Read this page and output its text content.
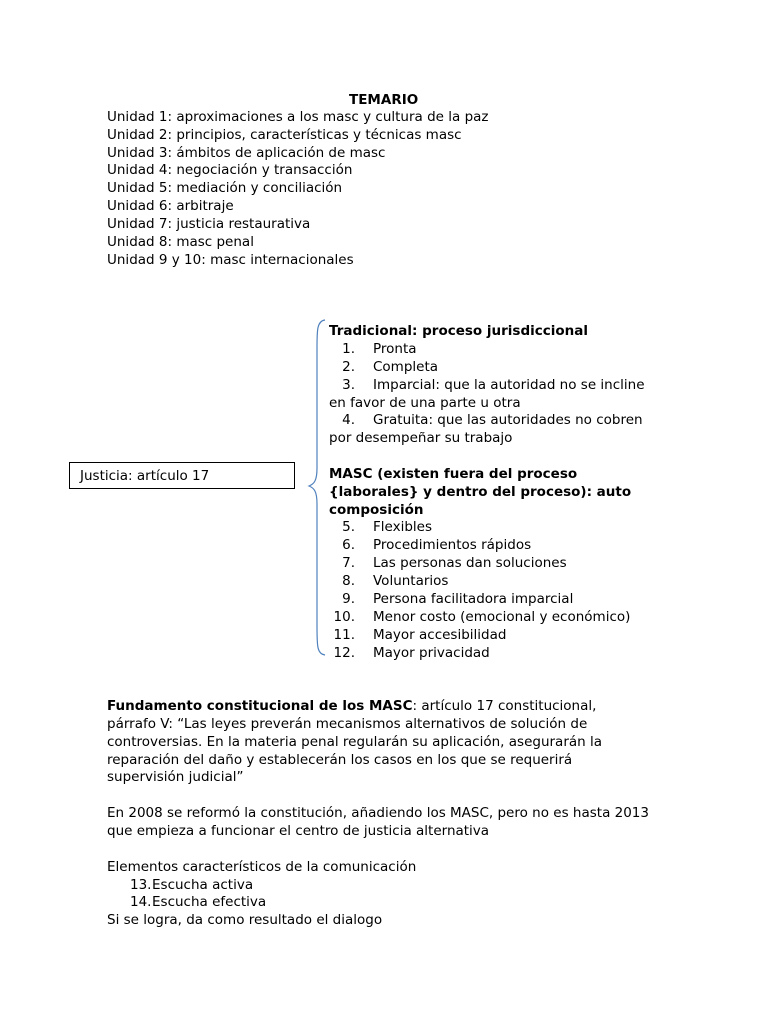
TEMARIO
Unidad 1: aproximaciones a los masc y cultura de la paz
Unidad 2: principios, características y técnicas masc
Unidad 3: ámbitos de aplicación de masc
Unidad 4: negociación y transacción
Unidad 5: mediación y conciliación
Unidad 6: arbitraje
Unidad 7: justicia restaurativa
Unidad 8: masc penal
Unidad 9 y 10: masc internacionales
Justicia: artículo 17
Tradicional: proceso jurisdiccional
1. Pronta
2. Completa
3. Imparcial: que la autoridad no se incline
en favor de una parte u otra
4. Gratuita: que las autoridades no cobren
por desempeñar su trabajo
MASC (existen fuera del proceso
{laborales} y dentro del proceso): auto
composición
5. Flexibles
6. Procedimientos rápidos
7. Las personas dan soluciones
8. Voluntarios
9. Persona facilitadora imparcial
10. Menor costo (emocional y económico)
11. Mayor accesibilidad
12. Mayor privacidad
Fundamento constitucional de los MASC: artículo 17 constitucional,
párrafo V: “Las leyes preverán mecanismos alternativos de solución de
controversias. En la materia penal regularán su aplicación, asegurarán la
reparación del daño y establecerán los casos en los que se requerirá
supervisión judicial”
En 2008 se reformó la constitución, añadiendo los MASC, pero no es hasta 2013
que empieza a funcionar el centro de justicia alternativa
Elementos característicos de la comunicación
13. Escucha activa
14. Escucha efectiva
Si se logra, da como resultado el dialogo
